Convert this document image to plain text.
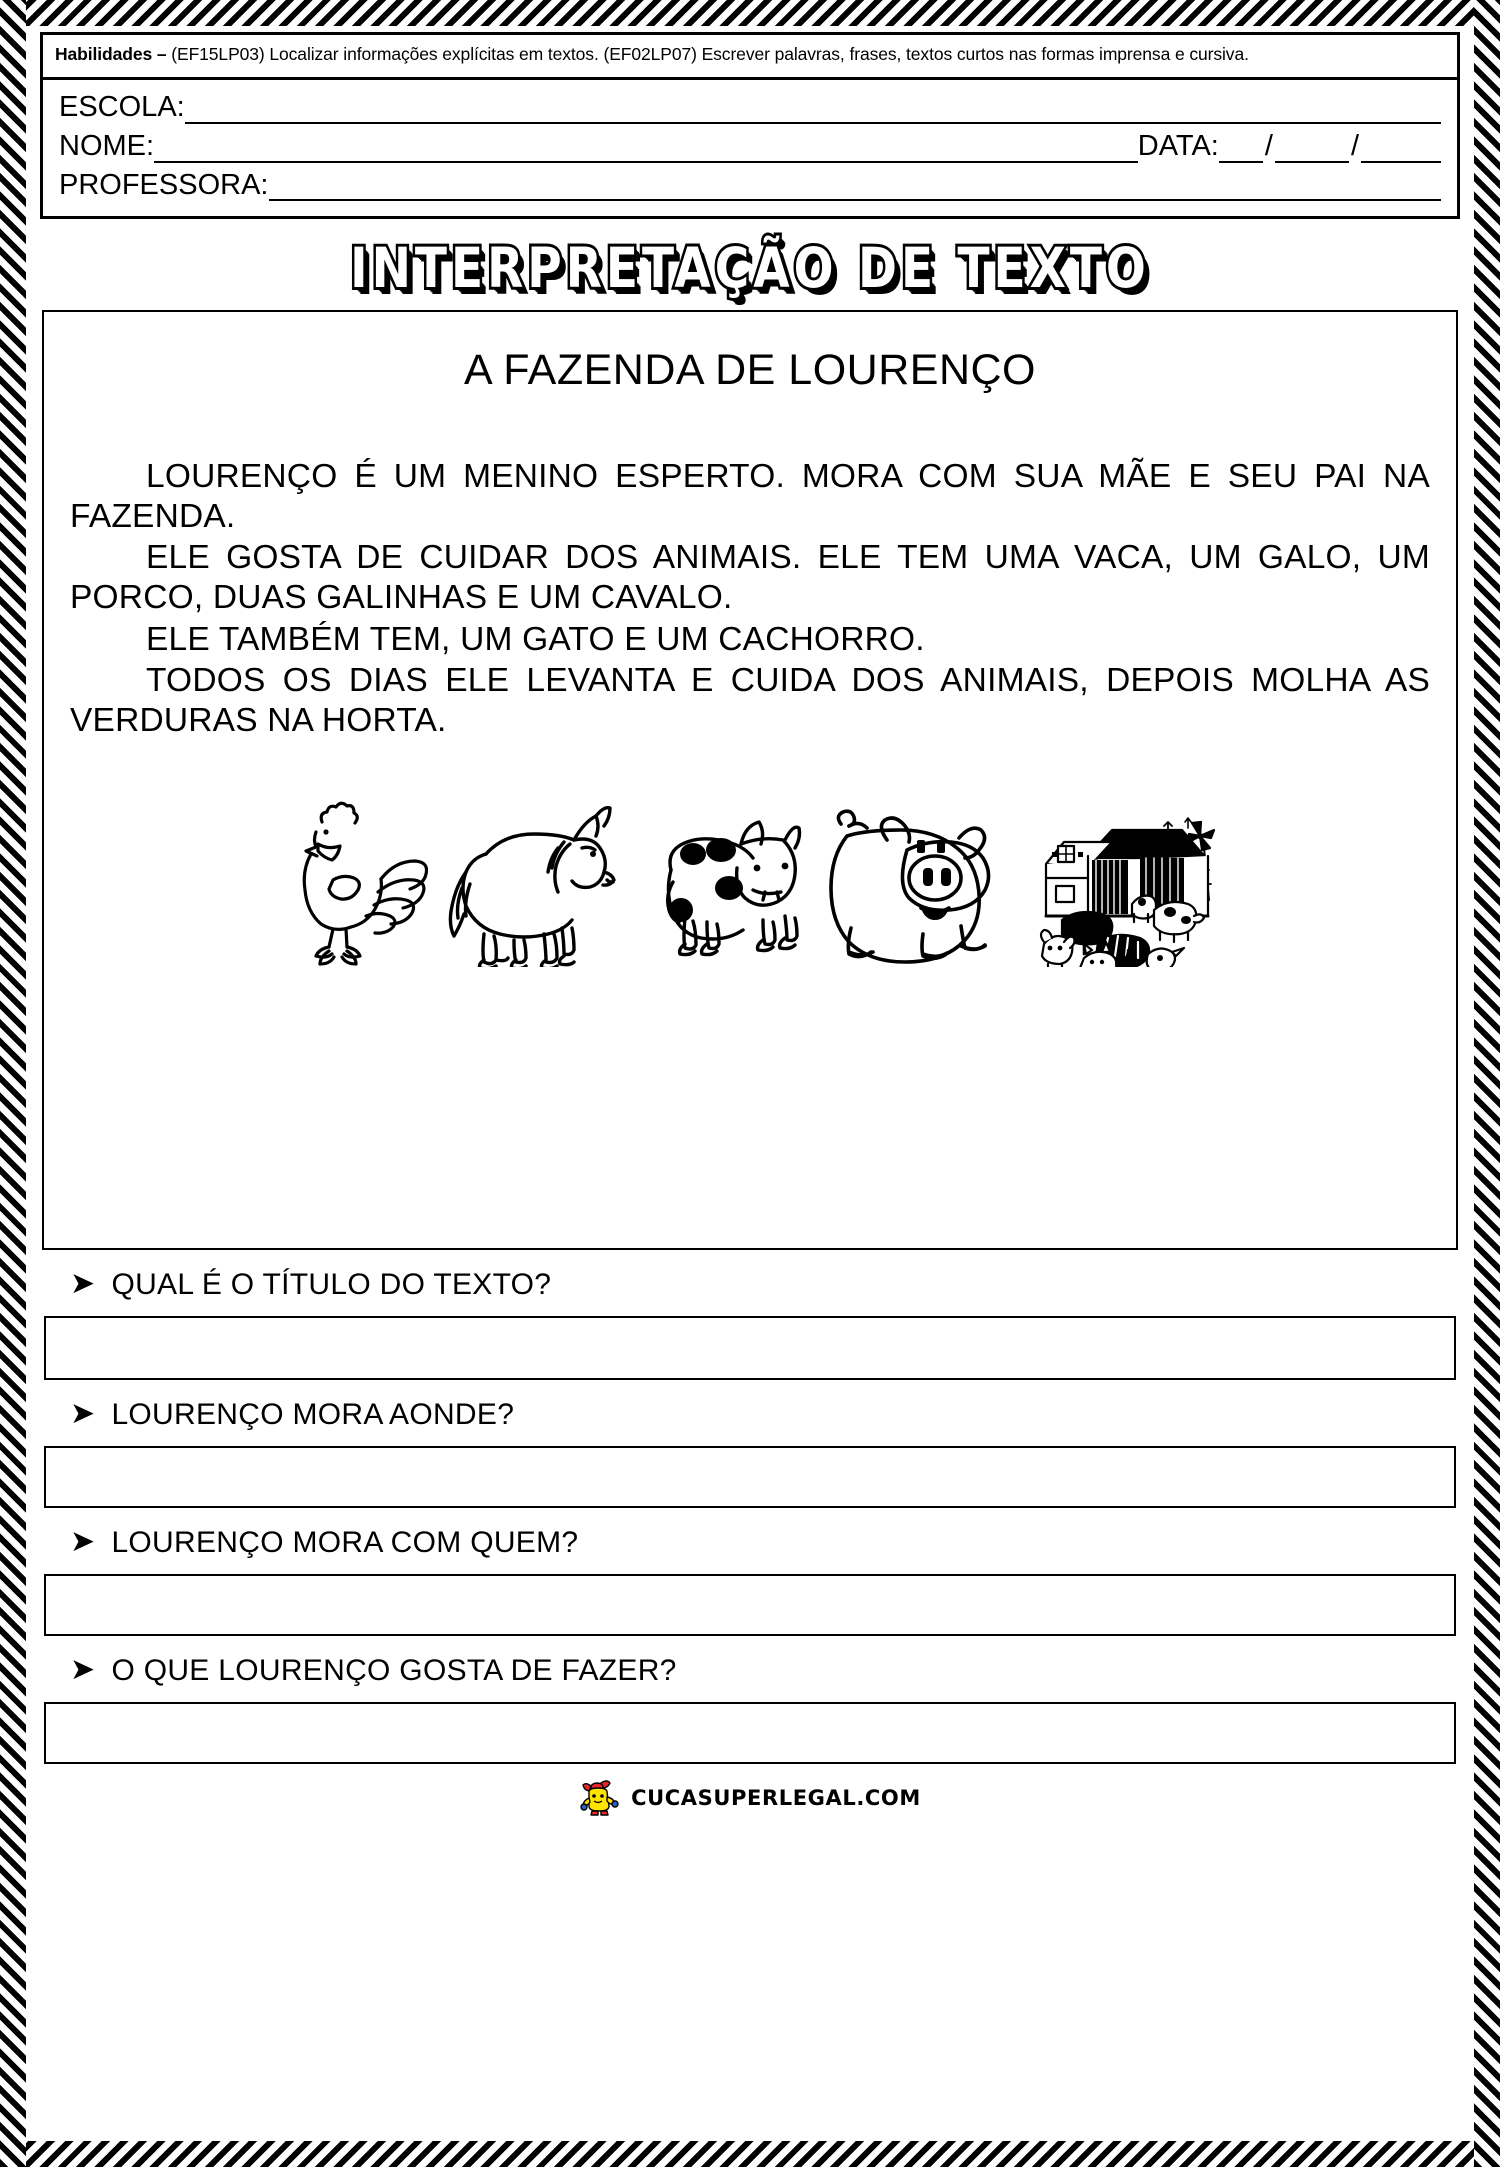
Habilidades – (EF15LP03) Localizar informações explícitas em textos. (EF02LP07) Escrever palavras, frases, textos curtos nas formas imprensa e cursiva.
ESCOLA:
NOME:	DATA: /	/
PROFESSORA:
INTERPRETAÇÃO DE TEXTO
A FAZENDA DE LOURENÇO

LOURENÇO É UM MENINO ESPERTO. MORA COM SUA MÃE E SEU PAI NA FAZENDA.

ELE GOSTA DE CUIDAR DOS ANIMAIS. ELE TEM UMA VACA, UM GALO, UM PORCO, DUAS GALINHAS E UM CAVALO.

ELE TAMBÉM TEM, UM GATO E UM CACHORRO.

TODOS OS DIAS ELE LEVANTA E CUIDA DOS ANIMAIS, DEPOIS MOLHA AS VERDURAS NA HORTA.

➤ QUAL É O TÍTULO DO TEXTO?
➤ LOURENÇO MORA AONDE?
➤ LOURENÇO MORA COM QUEM?
➤ O QUE LOURENÇO GOSTA DE FAZER?
CUCASUPERLEGAL.COM
